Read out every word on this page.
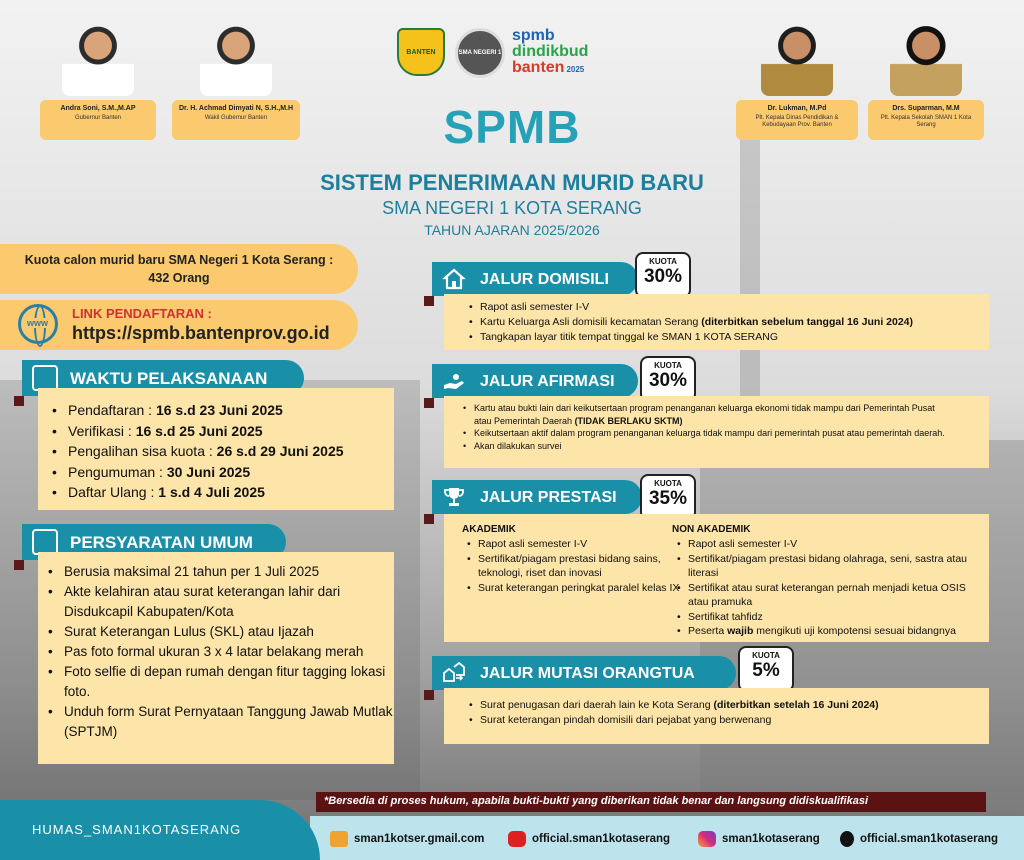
Andra Soni, S.M.,M.AP
Gubernur Banten
Dr. H. Achmad Dimyati N, S.H.,M.H
Wakil Gubernur Banten
Dr. Lukman, M.Pd
Plt. Kepala Dinas Pendidikan & Kebudayaan Prov. Banten
Drs. Suparman, M.M
Plt. Kepala Sekolah SMAN 1 Kota Serang
BANTEN	SMA NEGERI 1
spmb
dindikbud
banten 2025
SPMB
SISTEM PENERIMAAN MURID BARU
SMA NEGERI 1 KOTA SERANG
TAHUN AJARAN 2025/2026
Kuota calon murid baru SMA Negeri 1 Kota Serang :
432 Orang
www
LINK PENDAFTARAN :
https://spmb.bantenprov.go.id
WAKTU PELAKSANAAN
• Pendaftaran : 16 s.d 23 Juni 2025
• Verifikasi : 16 s.d 25 Juni 2025
• Pengalihan sisa kuota : 26 s.d 29 Juni 2025
• Pengumuman : 30 Juni 2025
• Daftar Ulang : 1 s.d 4 Juli 2025
PERSYARATAN UMUM
• Berusia maksimal 21 tahun per 1 Juli 2025
• Akte kelahiran atau surat keterangan lahir dari Disdukcapil Kabupaten/Kota
• Surat Keterangan Lulus (SKL) atau Ijazah
• Pas foto formal ukuran 3 x 4 latar belakang merah
• Foto selfie di depan rumah dengan fitur tagging lokasi foto.
• Unduh form Surat Pernyataan Tanggung Jawab Mutlak (SPTJM)
JALUR DOMISILI
KUOTA
30%
• Rapot asli semester I-V
• Kartu Keluarga Asli domisili kecamatan Serang (diterbitkan sebelum tanggal 16 Juni 2024)
• Tangkapan layar titik tempat tinggal ke SMAN 1 KOTA SERANG
JALUR AFIRMASI
KUOTA
30%
• Kartu atau bukti lain dari keikutsertaan program penanganan keluarga ekonomi tidak mampu dari Pemerintah Pusat atau Pemerintah Daerah (TIDAK BERLAKU SKTM)
• Keikutsertaan aktif dalam program penanganan keluarga tidak mampu dari pemerintah pusat atau pemerintah daerah.
• Akan dilakukan survei
JALUR PRESTASI
KUOTA
35%
AKADEMIK
• Rapot asli semester I-V
• Sertifikat/piagam prestasi bidang sains, teknologi, riset dan inovasi
• Surat keterangan peringkat paralel kelas IX
NON AKADEMIK
• Rapot asli semester I-V
• Sertifikat/piagam prestasi bidang olahraga, seni, sastra atau literasi
• Sertifikat atau surat keterangan pernah menjadi ketua OSIS atau pramuka
• Sertifikat tahfidz
• Peserta wajib mengikuti uji kompotensi sesuai bidangnya
JALUR MUTASI ORANGTUA
KUOTA
5%
• Surat penugasan dari daerah lain ke Kota Serang (diterbitkan setelah 16 Juni 2024)
• Surat keterangan pindah domisili dari pejabat yang berwenang
*Bersedia di proses hukum, apabila bukti-bukti yang diberikan tidak benar dan langsung didiskualifikasi
HUMAS_SMAN1KOTASERANG
sman1kotser.gmail.com	official.sman1kotaserang	sman1kotaserang	official.sman1kotaserang
